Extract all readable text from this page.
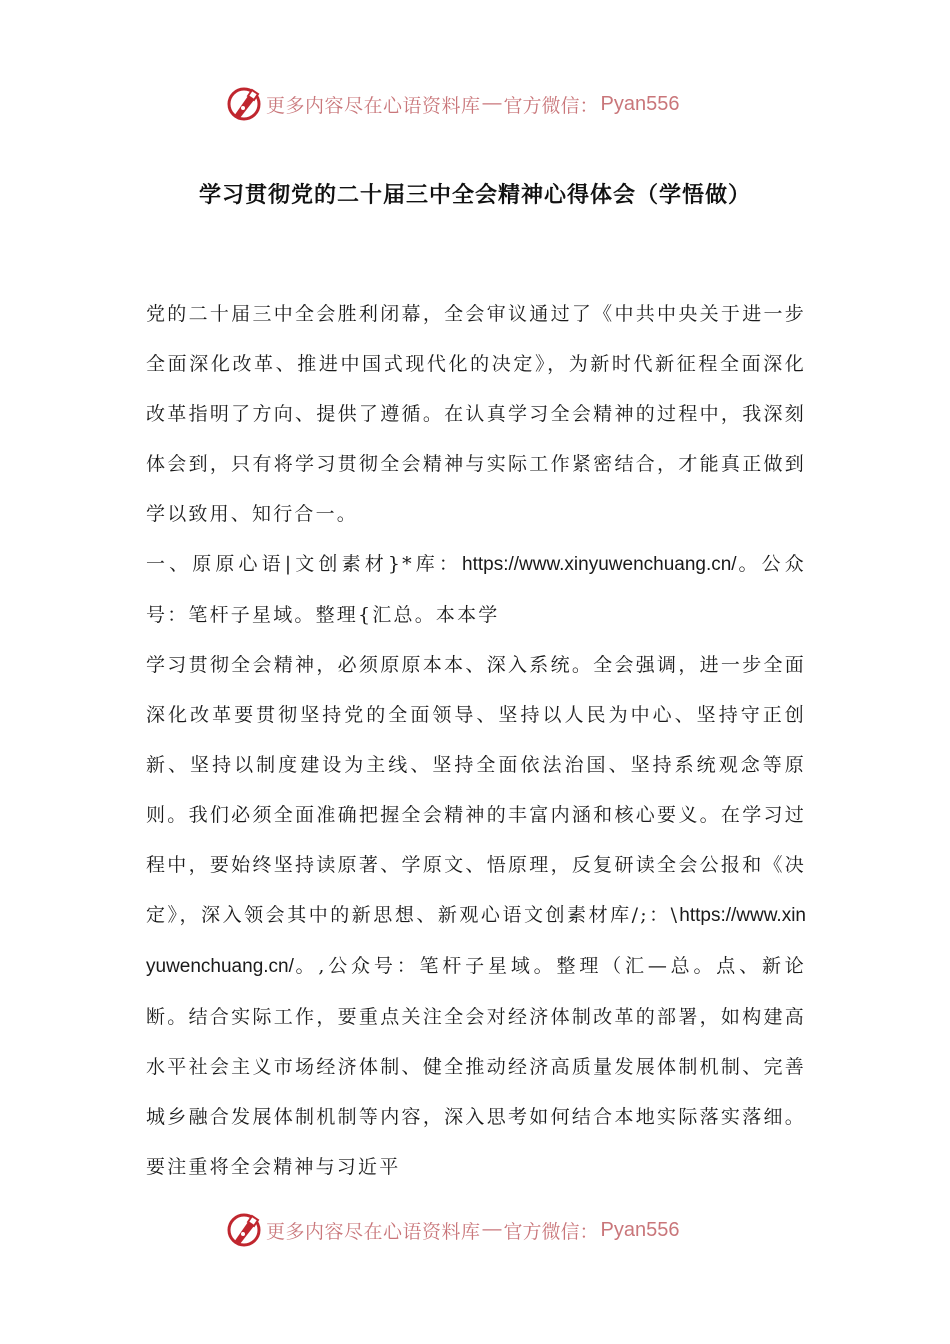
更多内容尽在心语资料库 — 官方微信： Pyan556
学习贯彻党的二十届三中全会精神心得体会（学悟做）

党的二十届三中全会胜利闭幕，全会审议通过了《中共中央关于进一步全面深化改革、推进中国式现代化的决定》，为新时代新征程全面深化改革指明了方向、提供了遵循。在认真学习全会精神的过程中，我深刻体会到，只有将学习贯彻全会精神与实际工作紧密结合，才能真正做到学以致用、知行合一。

一、原原心语|文创素材}*库：https://www.xinyuwenchuang.cn/。公众号：笔杆子星域。整理{汇总。本本学

学习贯彻全会精神，必须原原本本、深入系统。全会强调，进一步全面深化改革要贯彻坚持党的全面领导、坚持以人民为中心、坚持守正创新、坚持以制度建设为主线、坚持全面依法治国、坚持系统观念等原则。我们必须全面准确把握全会精神的丰富内涵和核心要义。在学习过程中，要始终坚持读原著、学原文、悟原理，反复研读全会公报和《决定》，深入领会其中的新思想、新观心语文创素材库/;：\https://www.xinyuwenchuang.cn/。,公众号：笔杆子星域。整理（汇—总。点、新论断。结合实际工作，要重点关注全会对经济体制改革的部署，如构建高水平社会主义市场经济体制、健全推动经济高质量发展体制机制、完善城乡融合发展体制机制等内容，深入思考如何结合本地实际落实落细。要注重将全会精神与习近平

更多内容尽在心语资料库 — 官方微信： Pyan556
